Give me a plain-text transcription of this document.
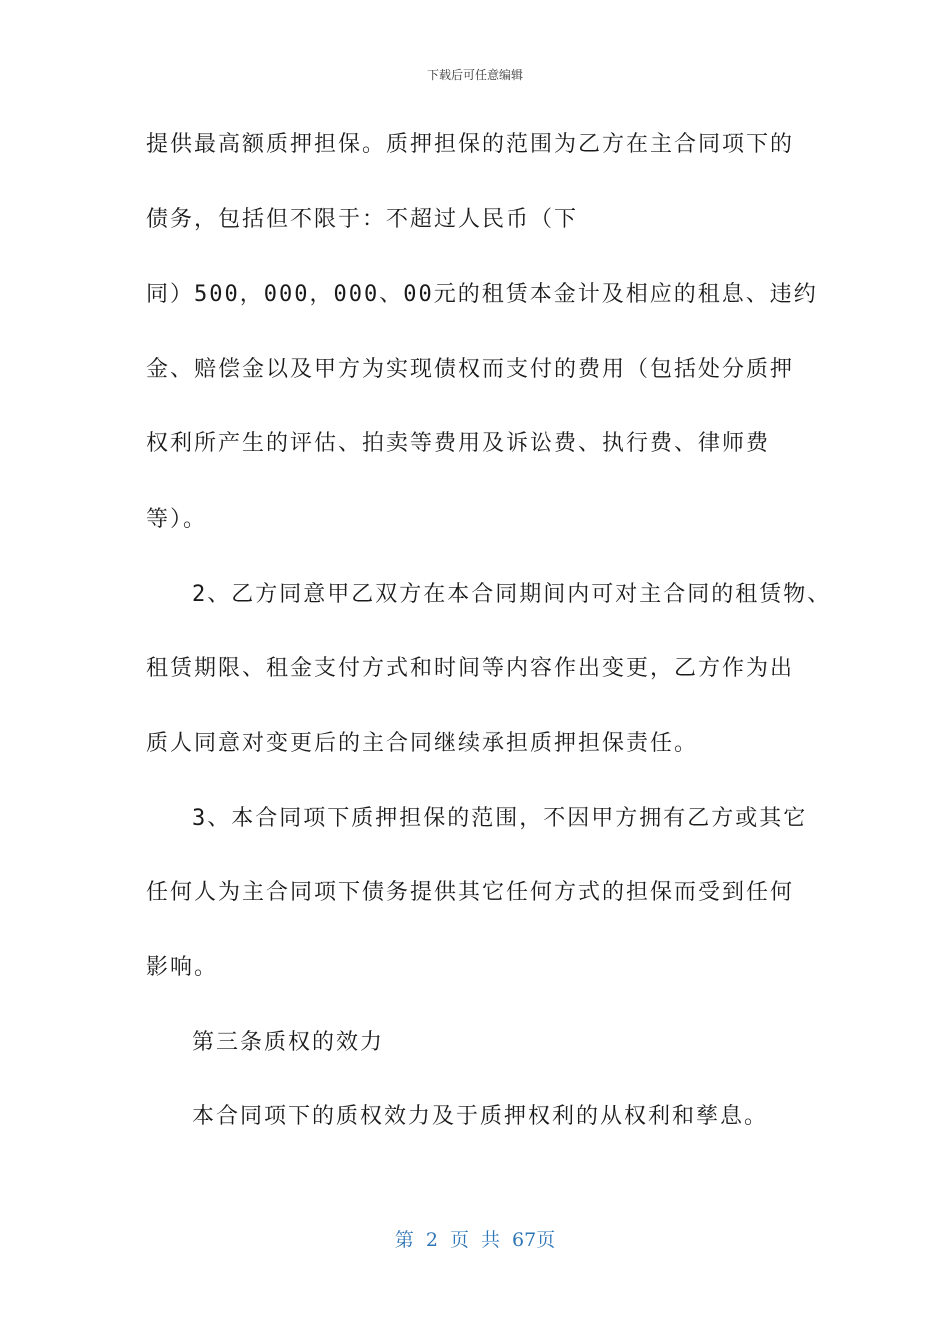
下载后可任意编辑
提供最高额质押担保。质押担保的范围为乙方在主合同项下的
债务，包括但不限于：不超过人民币（下
同）500，000，000、00元的租赁本金计及相应的租息、违约
金、赔偿金以及甲方为实现债权而支付的费用（包括处分质押
权利所产生的评估、拍卖等费用及诉讼费、执行费、律师费
等）。
2、乙方同意甲乙双方在本合同期间内可对主合同的租赁物、
租赁期限、租金支付方式和时间等内容作出变更，乙方作为出
质人同意对变更后的主合同继续承担质押担保责任。
3、本合同项下质押担保的范围，不因甲方拥有乙方或其它
任何人为主合同项下债务提供其它任何方式的担保而受到任何
影响。
第三条质权的效力
本合同项下的质权效力及于质押权利的从权利和孳息。
第 2 页 共 67页
